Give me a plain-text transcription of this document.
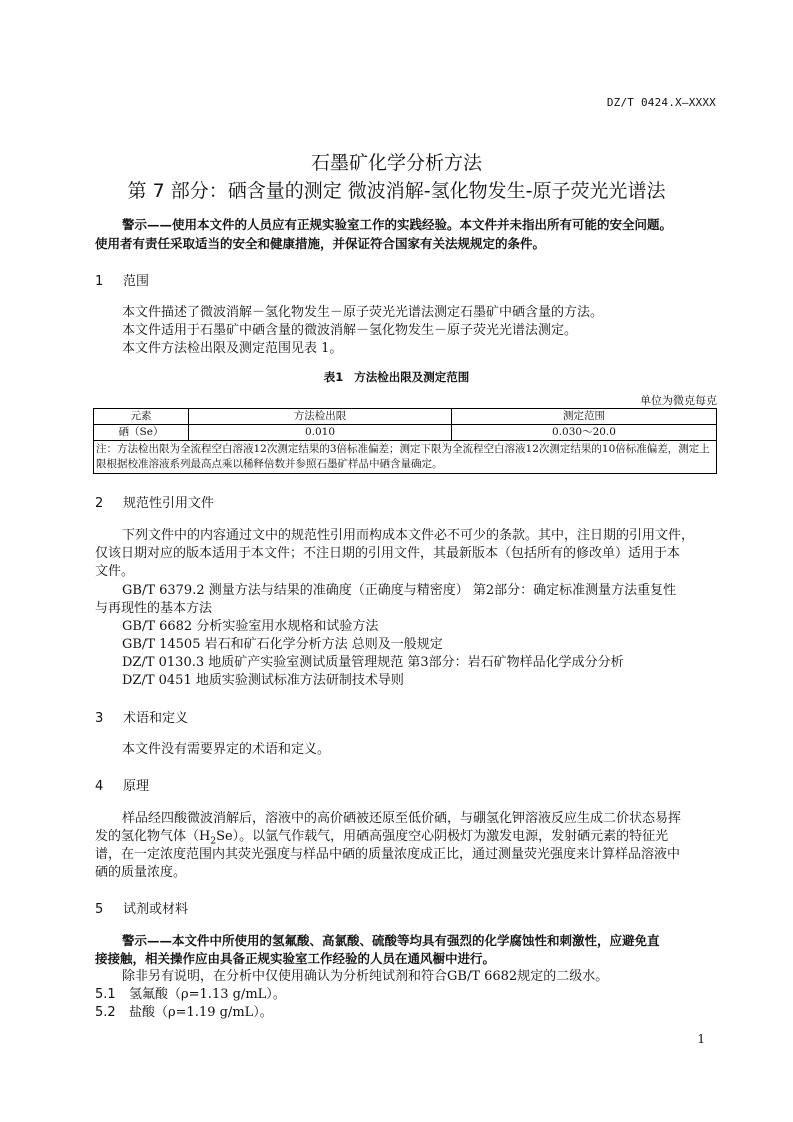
DZ/T 0424.X—XXXX
石墨矿化学分析方法
第 7 部分：硒含量的测定 微波消解-氢化物发生-原子荧光光谱法
警示——使用本文件的人员应有正规实验室工作的实践经验。本文件并未指出所有可能的安全问题。
使用者有责任采取适当的安全和健康措施，并保证符合国家有关法规规定的条件。
1 范围
本文件描述了微波消解－氢化物发生－原子荧光光谱法测定石墨矿中硒含量的方法。
本文件适用于石墨矿中硒含量的微波消解－氢化物发生－原子荧光光谱法测定。
本文件方法检出限及测定范围见表 1。
表1 方法检出限及测定范围
单位为微克每克
元素	方法检出限	测定范围
硒（Se）	0.010	0.030～20.0
注：方法检出限为全流程空白溶液12次测定结果的3倍标准偏差；测定下限为全流程空白溶液12次测定结果的10倍标准偏差，测定上限根据校准溶液系列最高点乘以稀释倍数并参照石墨矿样品中硒含量确定。		
2 规范性引用文件
下列文件中的内容通过文中的规范性引用而构成本文件必不可少的条款。其中，注日期的引用文件，
仅该日期对应的版本适用于本文件；不注日期的引用文件，其最新版本（包括所有的修改单）适用于本
文件。
GB/T 6379.2 测量方法与结果的准确度（正确度与精密度） 第2部分：确定标准测量方法重复性
与再现性的基本方法
GB/T 6682 分析实验室用水规格和试验方法
GB/T 14505 岩石和矿石化学分析方法 总则及一般规定
DZ/T 0130.3 地质矿产实验室测试质量管理规范 第3部分：岩石矿物样品化学成分分析
DZ/T 0451 地质实验测试标准方法研制技术导则
3 术语和定义
本文件没有需要界定的术语和定义。
4 原理
样品经四酸微波消解后，溶液中的高价硒被还原至低价硒，与硼氢化钾溶液反应生成二价状态易挥
发的氢化物气体$(H_2Se)$。以氩气作载气，用硒高强度空心阴极灯为激发电源，发射硒元素的特征光
谱，在一定浓度范围内其荧光强度与样品中硒的质量浓度成正比，通过测量荧光强度来计算样品溶液中
硒的质量浓度。
5 试剂或材料
警示——本文件中所使用的氢氟酸、高氯酸、硫酸等均具有强烈的化学腐蚀性和刺激性，应避免直
接接触，相关操作应由具备正规实验室工作经验的人员在通风橱中进行。
除非另有说明，在分析中仅使用确认为分析纯试剂和符合GB/T 6682规定的二级水。
5.1 氢氟酸（ρ=1.13 g/mL）。
5.2 盐酸（ρ=1.19 g/mL）。
1
